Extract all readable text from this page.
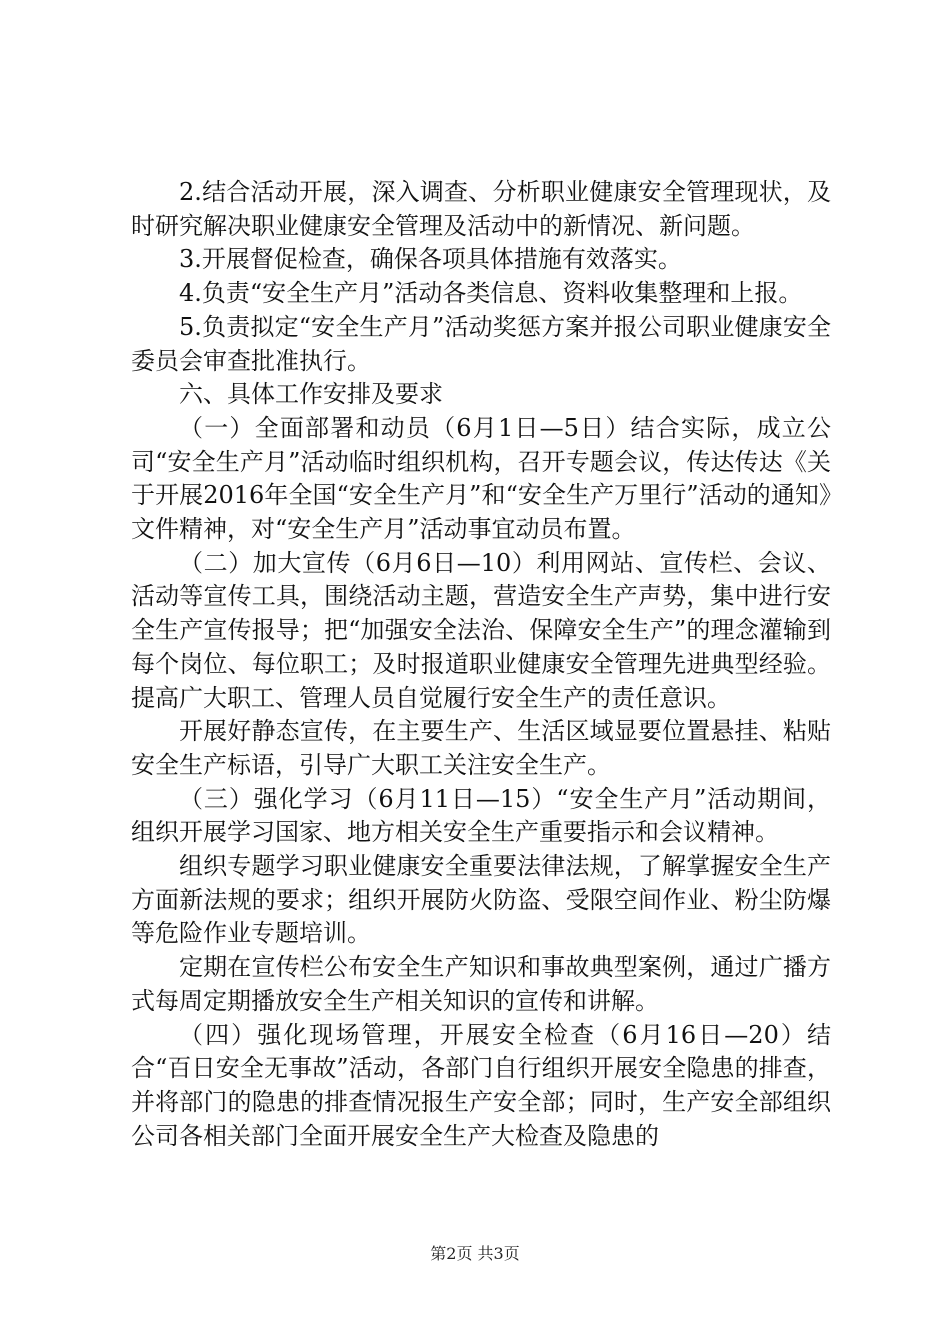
2.结合活动开展，深入调查、分析职业健康安全管理现状，及时研究解决职业健康安全管理及活动中的新情况、新问题。

3.开展督促检查，确保各项具体措施有效落实。

4.负责“安全生产月”活动各类信息、资料收集整理和上报。

5.负责拟定“安全生产月”活动奖惩方案并报公司职业健康安全委员会审查批准执行。

六、具体工作安排及要求

（一）全面部署和动员（6月1日—5日）结合实际，成立公司“安全生产月”活动临时组织机构，召开专题会议，传达传达《关于开展2016年全国“安全生产月”和“安全生产万里行”活动的通知》文件精神，对“安全生产月”活动事宜动员布置。

（二）加大宣传（6月6日—10）利用网站、宣传栏、会议、活动等宣传工具，围绕活动主题，营造安全生产声势，集中进行安全生产宣传报导；把“加强安全法治、保障安全生产”的理念灌输到每个岗位、每位职工；及时报道职业健康安全管理先进典型经验。提高广大职工、管理人员自觉履行安全生产的责任意识。

开展好静态宣传，在主要生产、生活区域显要位置悬挂、粘贴安全生产标语，引导广大职工关注安全生产。

（三）强化学习（6月11日—15）“安全生产月”活动期间，组织开展学习国家、地方相关安全生产重要指示和会议精神。

组织专题学习职业健康安全重要法律法规，了解掌握安全生产方面新法规的要求；组织开展防火防盗、受限空间作业、粉尘防爆等危险作业专题培训。

定期在宣传栏公布安全生产知识和事故典型案例，通过广播方式每周定期播放安全生产相关知识的宣传和讲解。

（四）强化现场管理，开展安全检查（6月16日—20）结合“百日安全无事故”活动，各部门自行组织开展安全隐患的排查，并将部门的隐患的排查情况报生产安全部；同时，生产安全部组织公司各相关部门全面开展安全生产大检查及隐患的

第2页 共3页
